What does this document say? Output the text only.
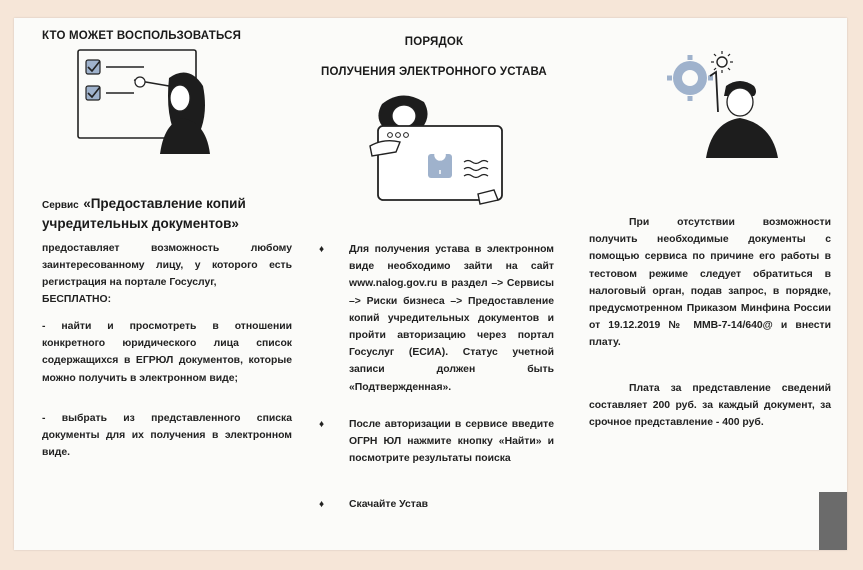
КТО МОЖЕТ ВОСПОЛЬЗОВАТЬСЯ
Сервис «Предоставление копий учредительных документов»
предоставляет возможность любому заинтересованному лицу, у которого есть регистрация на портале Госуслуг,
БЕСПЛАТНО:
- найти и просмотреть в отношении конкретного юридического лица список содержащихся в ЕГРЮЛ документов, которые можно получить в электронном виде;
- выбрать из представленного списка документы для их получения в электронном виде.
ПОРЯДОК
ПОЛУЧЕНИЯ ЭЛЕКТРОННОГО УСТАВА
♦ Для получения устава в электронном виде необходимо зайти на сайт www.nalog.gov.ru в раздел –> Сервисы –> Риски бизнеса –> Предоставление копий учредительных документов и пройти авторизацию через портал Госуслуг (ЕСИА). Статус учетной записи должен быть «Подтвержденная».
♦ После авторизации в сервисе введите ОГРН ЮЛ нажмите кнопку «Найти» и посмотрите результаты поиска
♦ Скачайте Устав
При отсутствии возможности получить необходимые документы с помощью сервиса по причине его работы в тестовом режиме следует обратиться в налоговый орган, подав запрос, в порядке, предусмотренном Приказом Минфина России от 19.12.2019 № ММВ-7-14/640@ и внести плату.
Плата за представление сведений составляет 200 руб. за каждый документ, за срочное представление - 400 руб.
